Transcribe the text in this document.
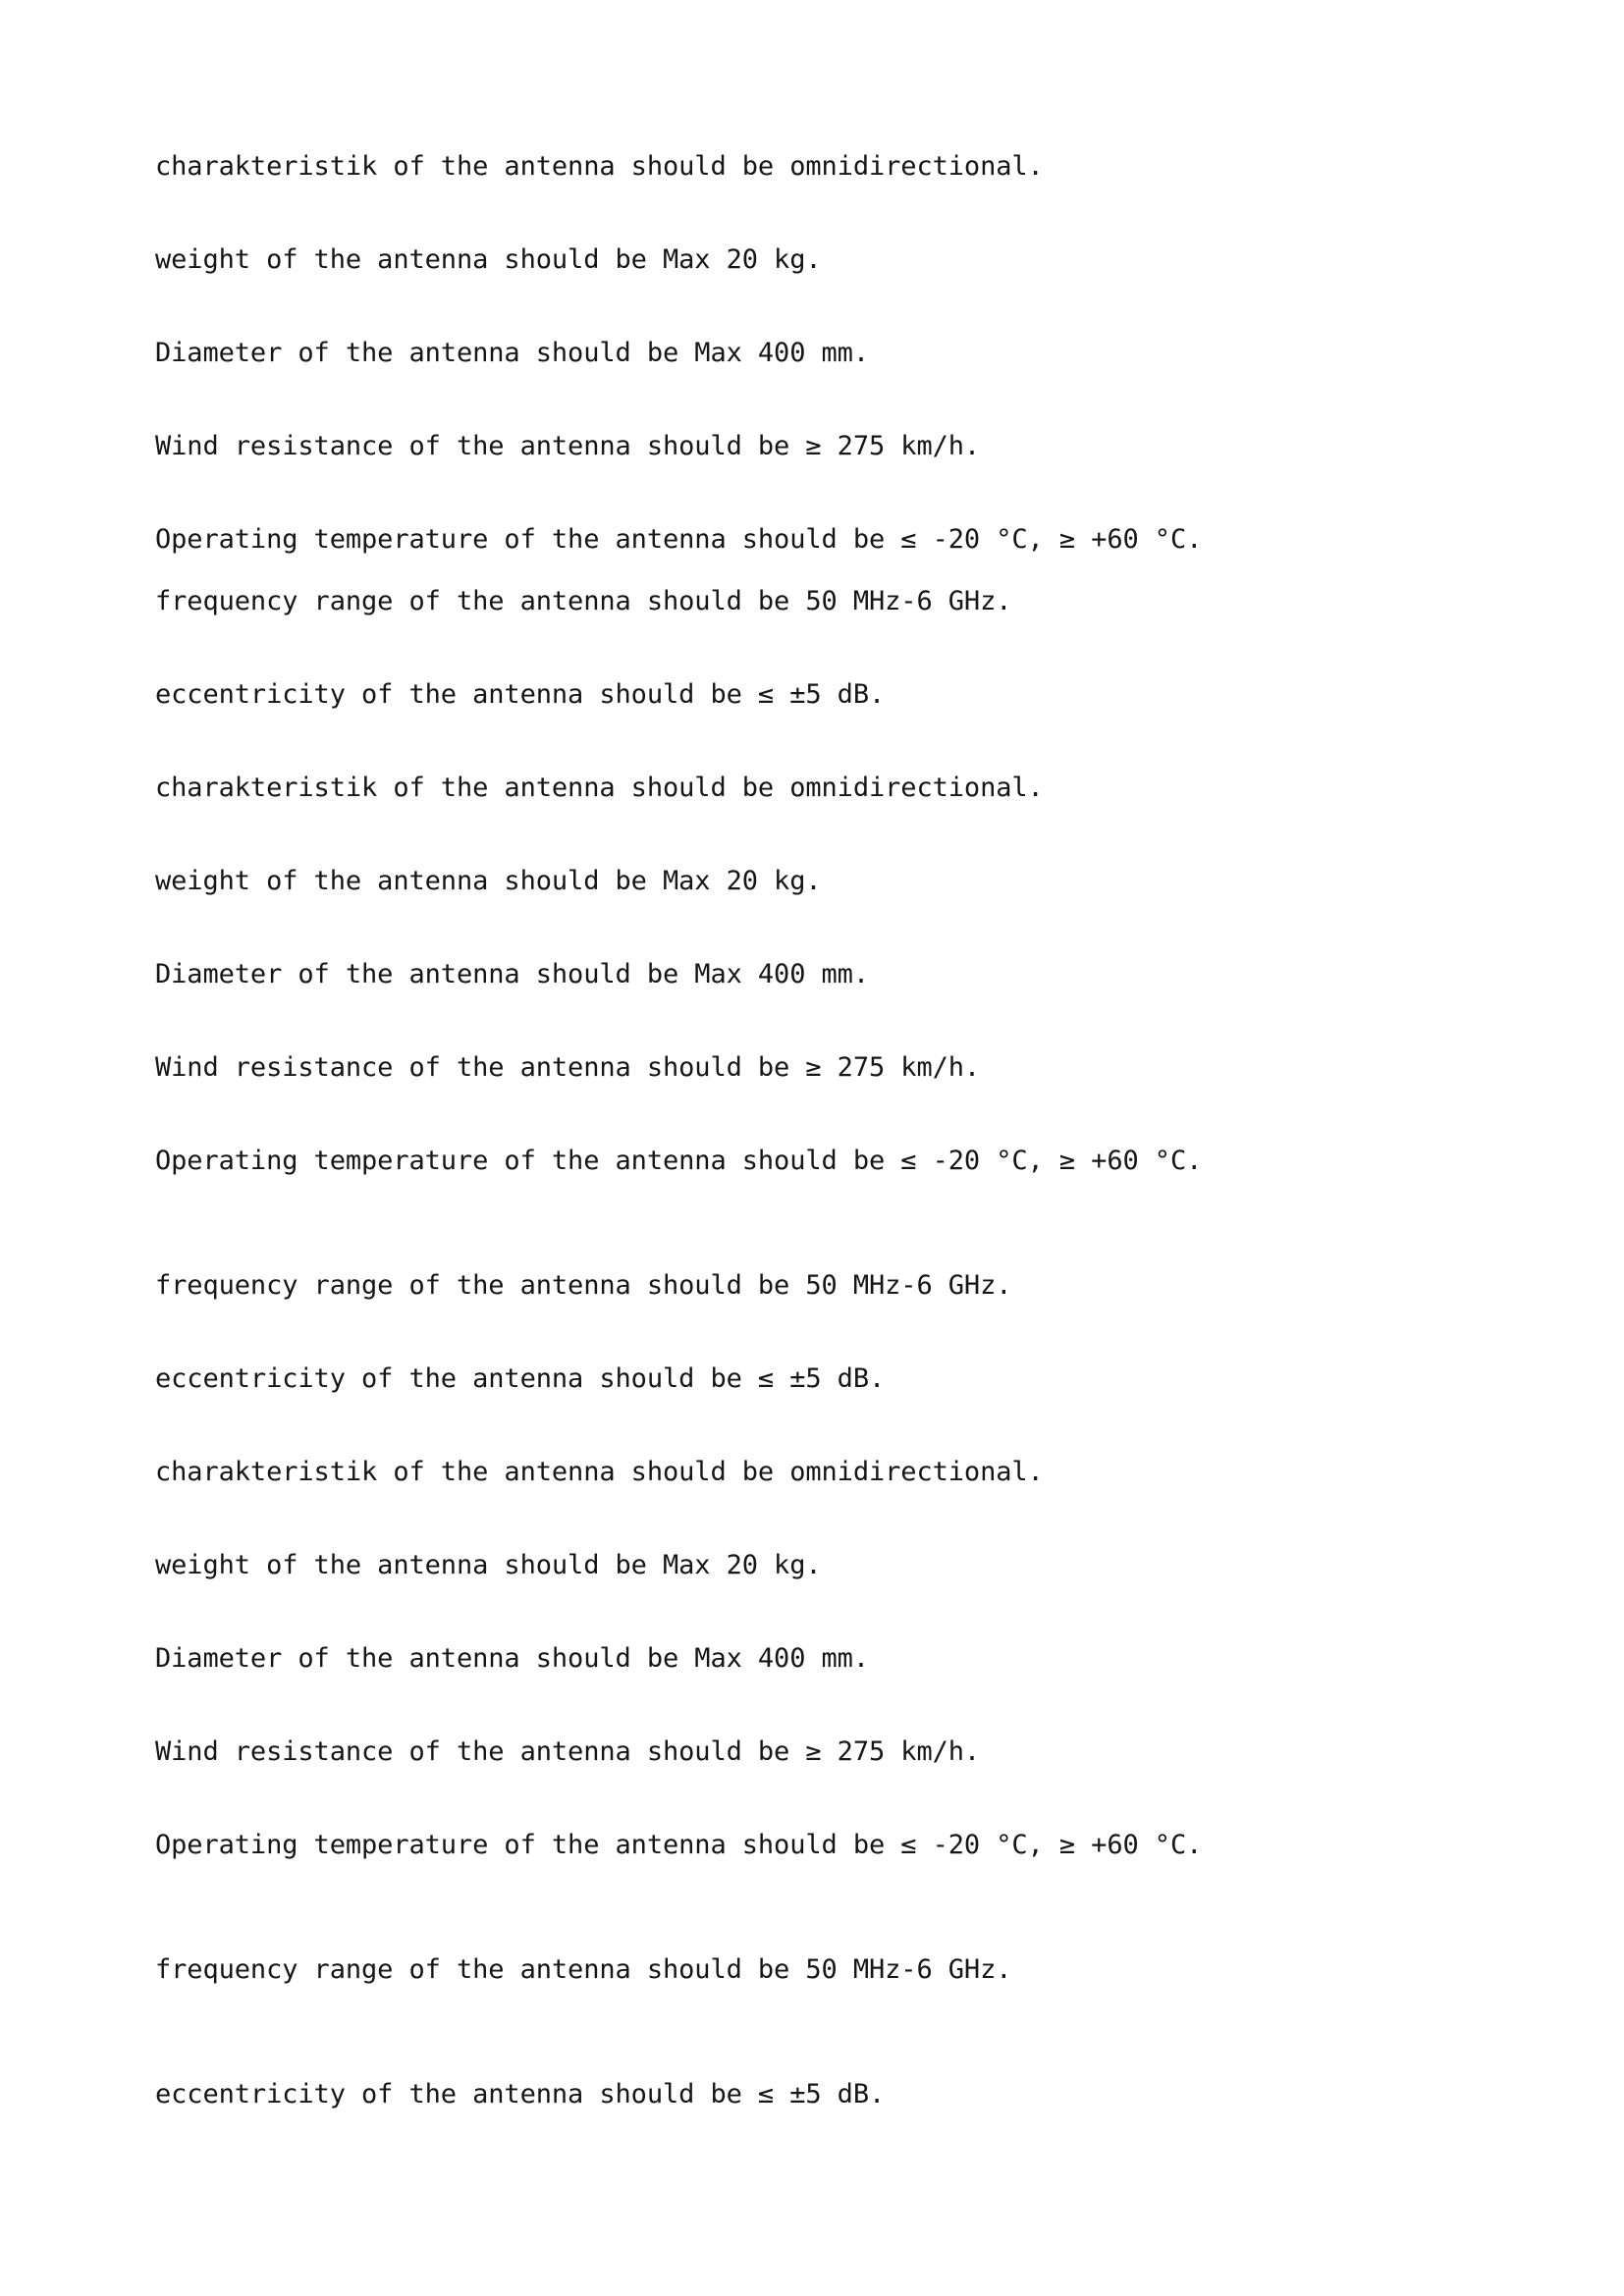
charakteristik of the antenna should be omnidirectional.

weight of the antenna should be Max 20 kg.

Diameter of the antenna should be Max 400 mm.

Wind resistance of the antenna should be ≥ 275 km/h.

Operating temperature of the antenna should be ≤ -20 °C, ≥ +60 °C.

frequency range of the antenna should be 50 MHz-6 GHz.

eccentricity of the antenna should be ≤ ±5 dB.

charakteristik of the antenna should be omnidirectional.

weight of the antenna should be Max 20 kg.

Diameter of the antenna should be Max 400 mm.

Wind resistance of the antenna should be ≥ 275 km/h.

Operating temperature of the antenna should be ≤ -20 °C, ≥ +60 °C.

frequency range of the antenna should be 50 MHz-6 GHz.

eccentricity of the antenna should be ≤ ±5 dB.

charakteristik of the antenna should be omnidirectional.

weight of the antenna should be Max 20 kg.

Diameter of the antenna should be Max 400 mm.

Wind resistance of the antenna should be ≥ 275 km/h.

Operating temperature of the antenna should be ≤ -20 °C, ≥ +60 °C.

frequency range of the antenna should be 50 MHz-6 GHz.

eccentricity of the antenna should be ≤ ±5 dB.
